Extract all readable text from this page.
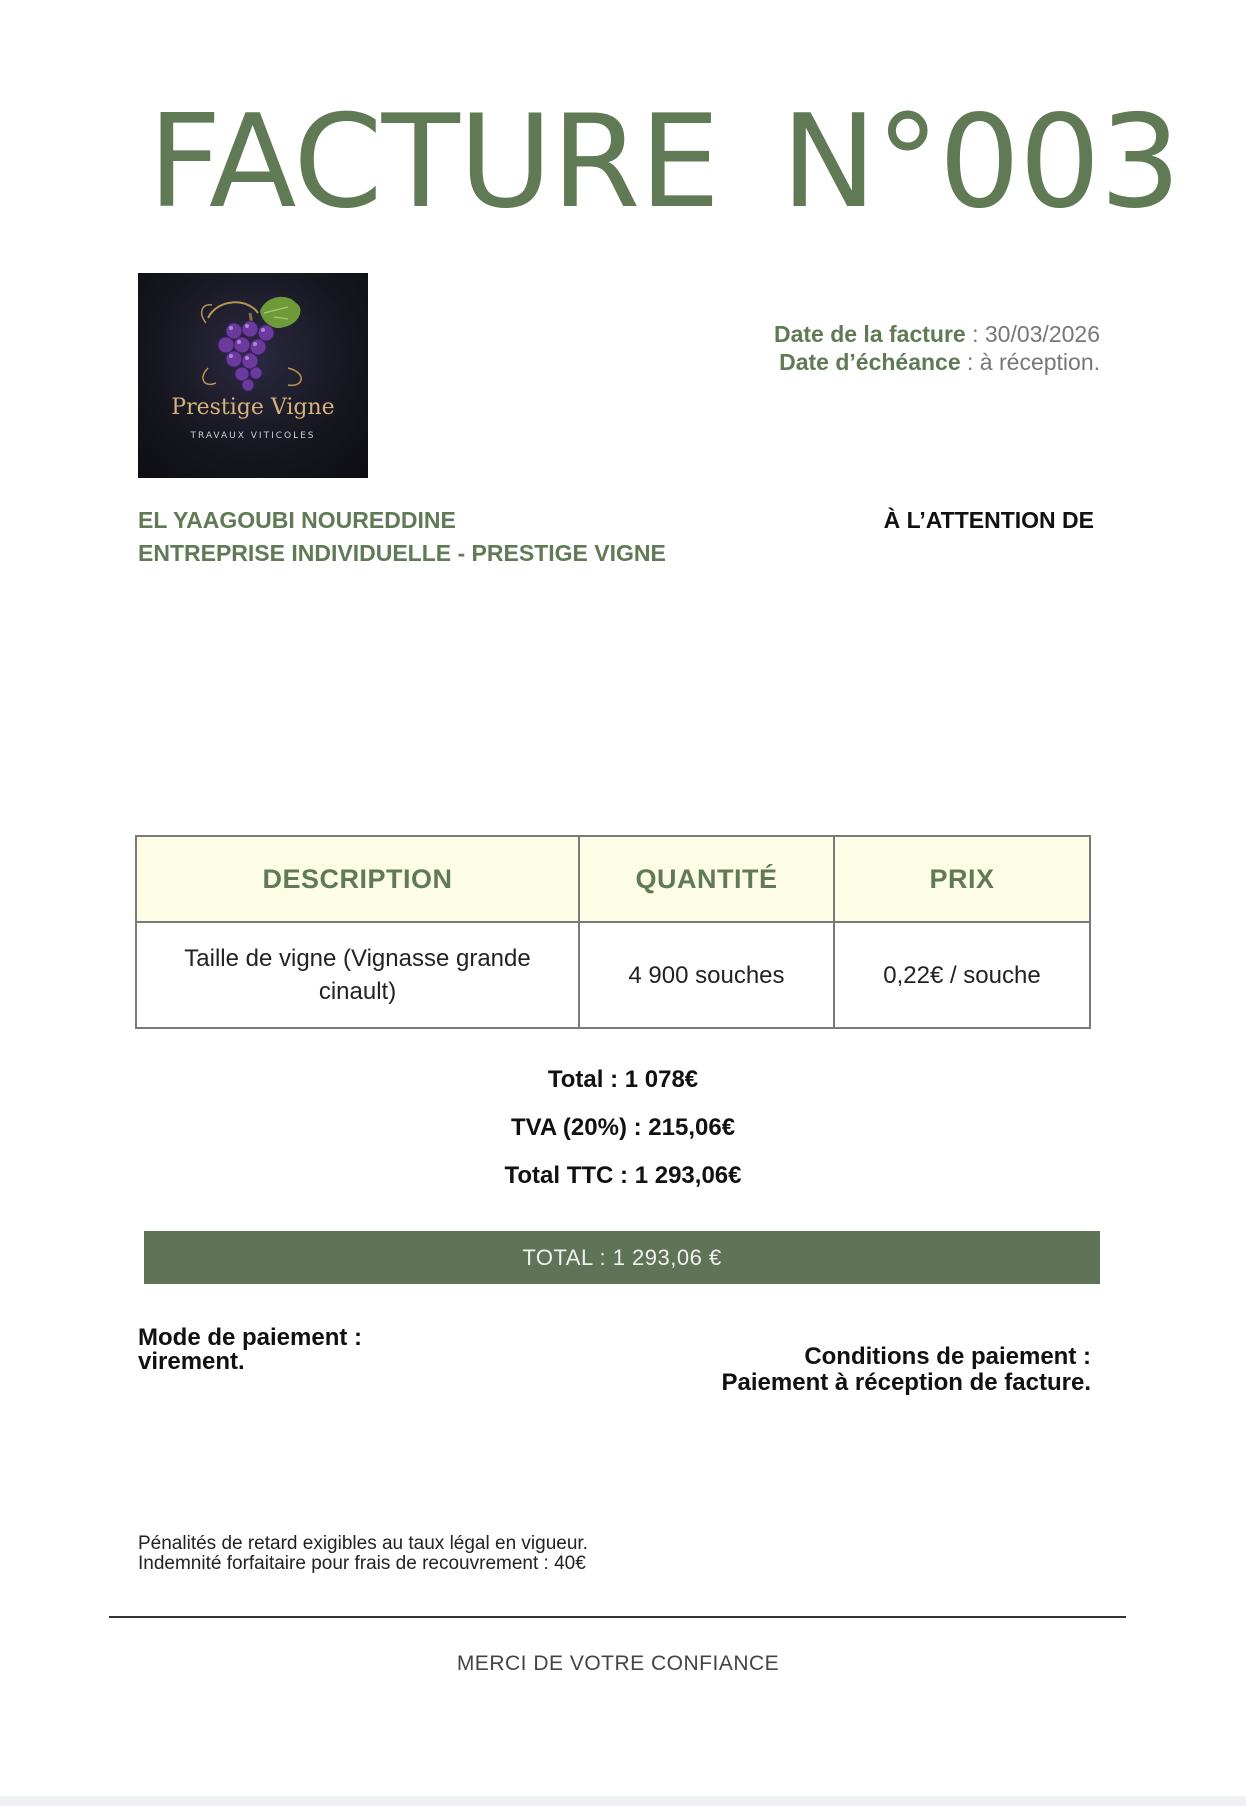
FACTURE N°003
Prestige Vigne
TRAVAUX VITICOLES
Date de la facture : 30/03/2026
Date d’échéance : à réception.
EL YAAGOUBI NOUREDDINE
ENTREPRISE INDIVIDUELLE - PRESTIGE VIGNE
À L’ATTENTION DE
DESCRIPTION	QUANTITÉ	PRIX
Taille de vigne (Vignasse grande cinault)	4 900 souches	0,22€ / souche
Total : 1 078€
TVA (20%) : 215,06€
Total TTC : 1 293,06€
TOTAL : 1 293,06 €
Mode de paiement :
virement.	Conditions de paiement :
Paiement à réception de facture.
Pénalités de retard exigibles au taux légal en vigueur.
Indemnité forfaitaire pour frais de recouvrement : 40€
MERCI DE VOTRE CONFIANCE
